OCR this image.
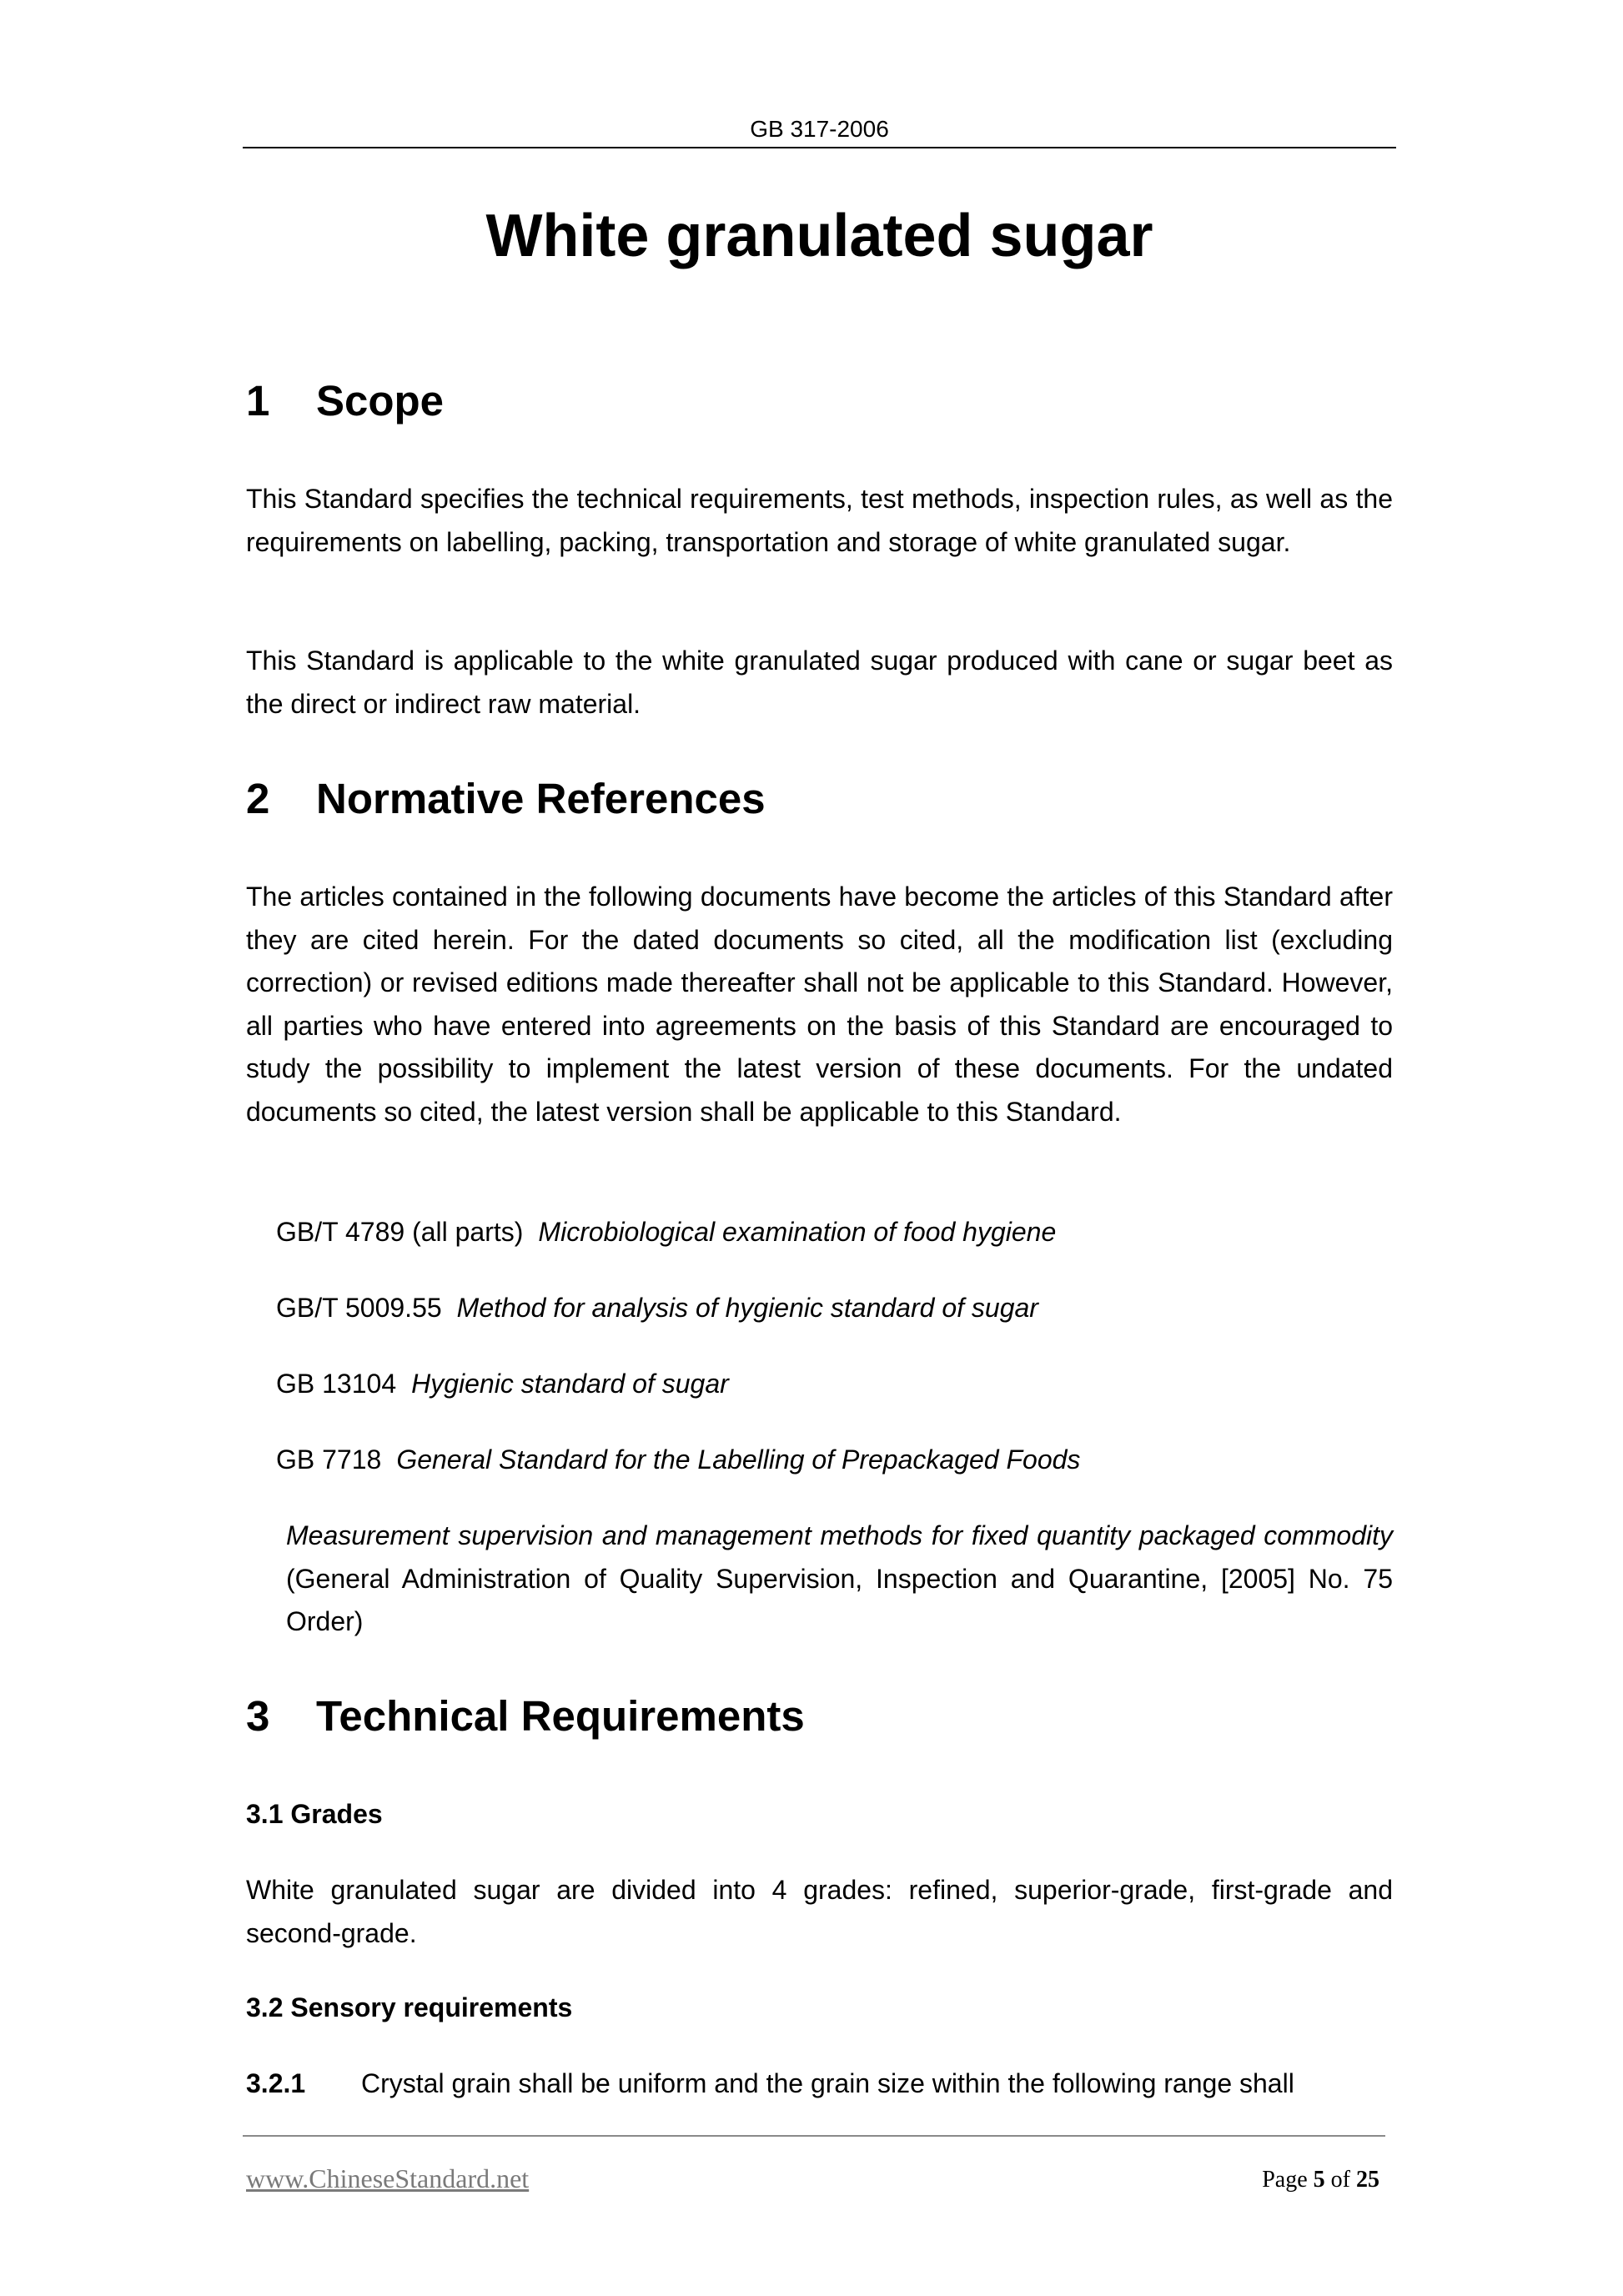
GB 317-2006
White granulated sugar
1 Scope

This Standard specifies the technical requirements, test methods, inspection rules, as well as the requirements on labelling, packing, transportation and storage of white granulated sugar.

This Standard is applicable to the white granulated sugar produced with cane or sugar beet as the direct or indirect raw material.

2 Normative References

The articles contained in the following documents have become the articles of this Standard after they are cited herein. For the dated documents so cited, all the modification list (excluding correction) or revised editions made thereafter shall not be applicable to this Standard. However, all parties who have entered into agreements on the basis of this Standard are encouraged to study the possibility to implement the latest version of these documents. For the undated documents so cited, the latest version shall be applicable to this Standard.

GB/T 4789 (all parts) Microbiological examination of food hygiene
GB/T 5009.55 Method for analysis of hygienic standard of sugar
GB 13104 Hygienic standard of sugar
GB 7718 General Standard for the Labelling of Prepackaged Foods

Measurement supervision and management methods for fixed quantity packaged commodity (General Administration of Quality Supervision, Inspection and Quarantine, [2005] No. 75 Order)

3 Technical Requirements
3.1 Grades

White granulated sugar are divided into 4 grades: refined, superior-grade, first-grade and second-grade.

3.2 Sensory requirements
3.2.1 Crystal grain shall be uniform and the grain size within the following range shall
www.ChineseStandard.net	Page 5 of 25
